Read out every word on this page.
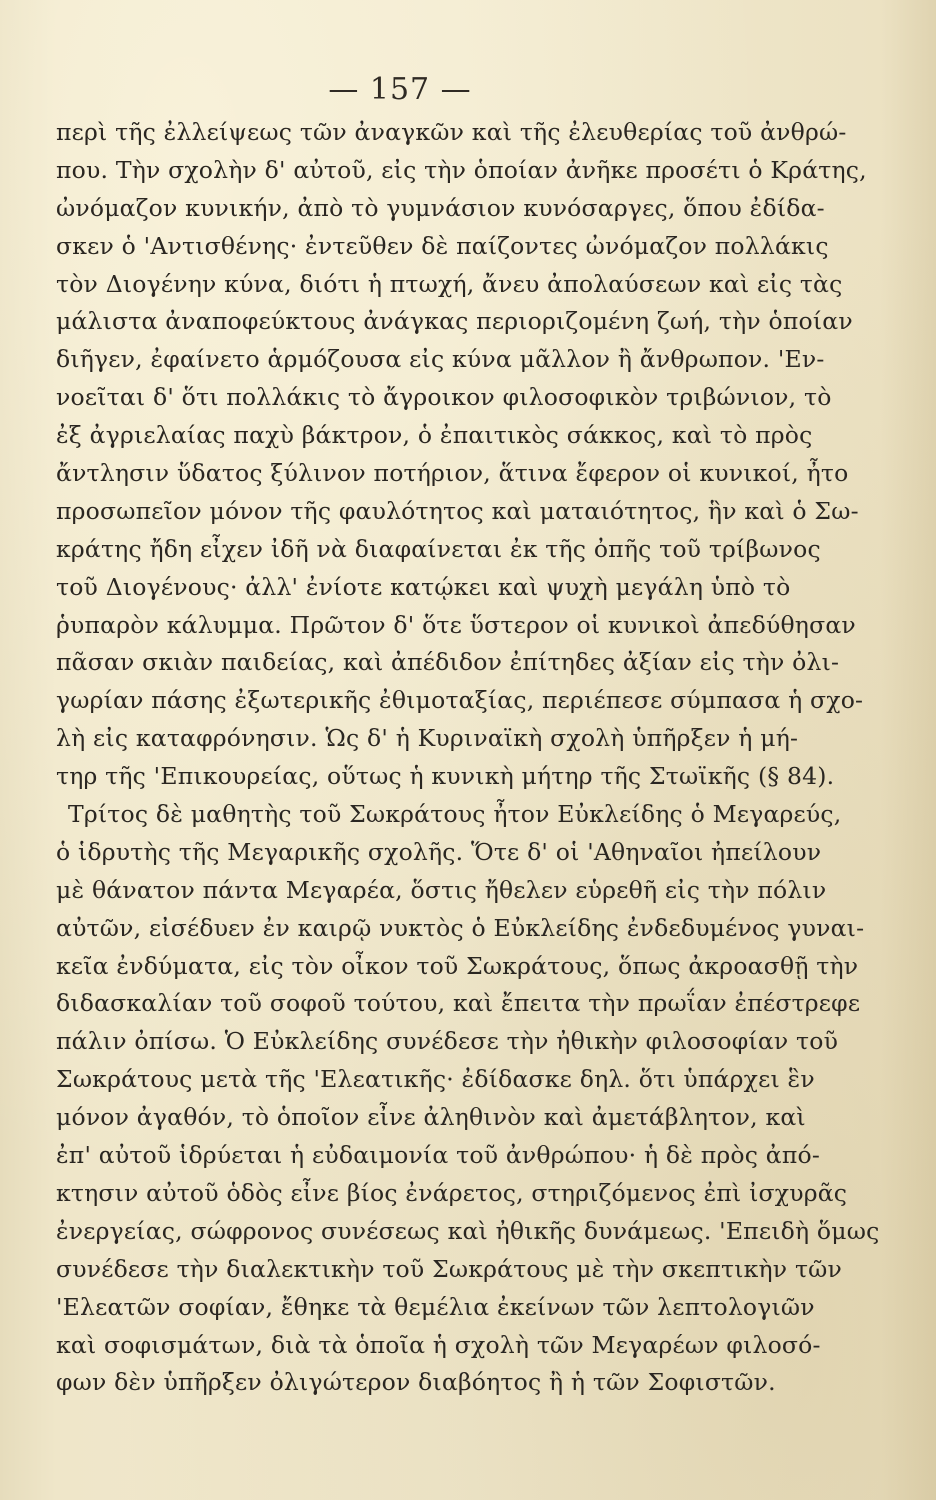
— 157 —
περὶ τῆς ἐλλείψεως τῶν ἀναγκῶν καὶ τῆς ἐλευθερίας τοῦ ἀνθρώ-
που. Τὴν σχολὴν δ' αὐτοῦ, εἰς τὴν ὁποίαν ἀνῆκε προσέτι ὁ Κράτης,
ὠνόμαζον κυνικήν, ἀπὸ τὸ γυμνάσιον κυνόσαργες, ὅπου ἐδίδα-
σκεν ὁ 'Αντισθένης· ἐντεῦθεν δὲ παίζοντες ὠνόμαζον πολλάκις
τὸν Διογένην κύνα, διότι ἡ πτωχή, ἄνευ ἀπολαύσεων καὶ εἰς τὰς
μάλιστα ἀναποφεύκτους ἀνάγκας περιοριζομένη ζωή, τὴν ὁποίαν
διῆγεν, ἐφαίνετο ἁρμόζουσα εἰς κύνα μᾶλλον ἢ ἄνθρωπον. 'Εν-
νοεῖται δ' ὅτι πολλάκις τὸ ἄγροικον φιλοσοφικὸν τριβώνιον, τὸ
ἐξ ἀγριελαίας παχὺ βάκτρον, ὁ ἐπαιτικὸς σάκκος, καὶ τὸ πρὸς
ἄντλησιν ὕδατος ξύλινον ποτήριον, ἅτινα ἔφερον οἱ κυνικοί, ἦτο
προσωπεῖον μόνον τῆς φαυλότητος καὶ ματαιότητος, ἣν καὶ ὁ Σω-
κράτης ἤδη εἶχεν ἰδῆ νὰ διαφαίνεται ἐκ τῆς ὀπῆς τοῦ τρίβωνος
τοῦ Διογένους· ἀλλ' ἐνίοτε κατῴκει καὶ ψυχὴ μεγάλη ὑπὸ τὸ
ῥυπαρὸν κάλυμμα. Πρῶτον δ' ὅτε ὕστερον οἱ κυνικοὶ ἀπεδύθησαν
πᾶσαν σκιὰν παιδείας, καὶ ἀπέδιδον ἐπίτηδες ἀξίαν εἰς τὴν ὀλι-
γωρίαν πάσης ἐξωτερικῆς ἐθιμοταξίας, περιέπεσε σύμπασα ἡ σχο-
λὴ εἰς καταφρόνησιν. Ὡς δ' ἡ Κυριναϊκὴ σχολὴ ὑπῆρξεν ἡ μή-
τηρ τῆς 'Επικουρείας, οὕτως ἡ κυνικὴ μήτηρ τῆς Στωϊκῆς (§ 84).
Τρίτος δὲ μαθητὴς τοῦ Σωκράτους ἦτον Εὐκλείδης ὁ Μεγαρεύς,
ὁ ἱδρυτὴς τῆς Μεγαρικῆς σχολῆς. Ὅτε δ' οἱ 'Αθηναῖοι ἠπείλουν
μὲ θάνατον πάντα Μεγαρέα, ὅστις ἤθελεν εὑρεθῆ εἰς τὴν πόλιν
αὐτῶν, εἰσέδυεν ἐν καιρῷ νυκτὸς ὁ Εὐκλείδης ἐνδεδυμένος γυναι-
κεῖα ἐνδύματα, εἰς τὸν οἶκον τοῦ Σωκράτους, ὅπως ἀκροασθῇ τὴν
διδασκαλίαν τοῦ σοφοῦ τούτου, καὶ ἔπειτα τὴν πρωΐαν ἐπέστρεφε
πάλιν ὀπίσω. Ὁ Εὐκλείδης συνέδεσε τὴν ἠθικὴν φιλοσοφίαν τοῦ
Σωκράτους μετὰ τῆς 'Ελεατικῆς· ἐδίδασκε δηλ. ὅτι ὑπάρχει ἓν
μόνον ἀγαθόν, τὸ ὁποῖον εἶνε ἀληθινὸν καὶ ἀμετάβλητον, καὶ
ἐπ' αὐτοῦ ἱδρύεται ἡ εὐδαιμονία τοῦ ἀνθρώπου· ἡ δὲ πρὸς ἀπό-
κτησιν αὐτοῦ ὁδὸς εἶνε βίος ἐνάρετος, στηριζόμενος ἐπὶ ἰσχυρᾶς
ἐνεργείας, σώφρονος συνέσεως καὶ ἠθικῆς δυνάμεως. 'Επειδὴ ὅμως
συνέδεσε τὴν διαλεκτικὴν τοῦ Σωκράτους μὲ τὴν σκεπτικὴν τῶν
'Ελεατῶν σοφίαν, ἔθηκε τὰ θεμέλια ἐκείνων τῶν λεπτολογιῶν
καὶ σοφισμάτων, διὰ τὰ ὁποῖα ἡ σχολὴ τῶν Μεγαρέων φιλοσό-
φων δὲν ὑπῆρξεν ὀλιγώτερον διαβόητος ἢ ἡ τῶν Σοφιστῶν.
